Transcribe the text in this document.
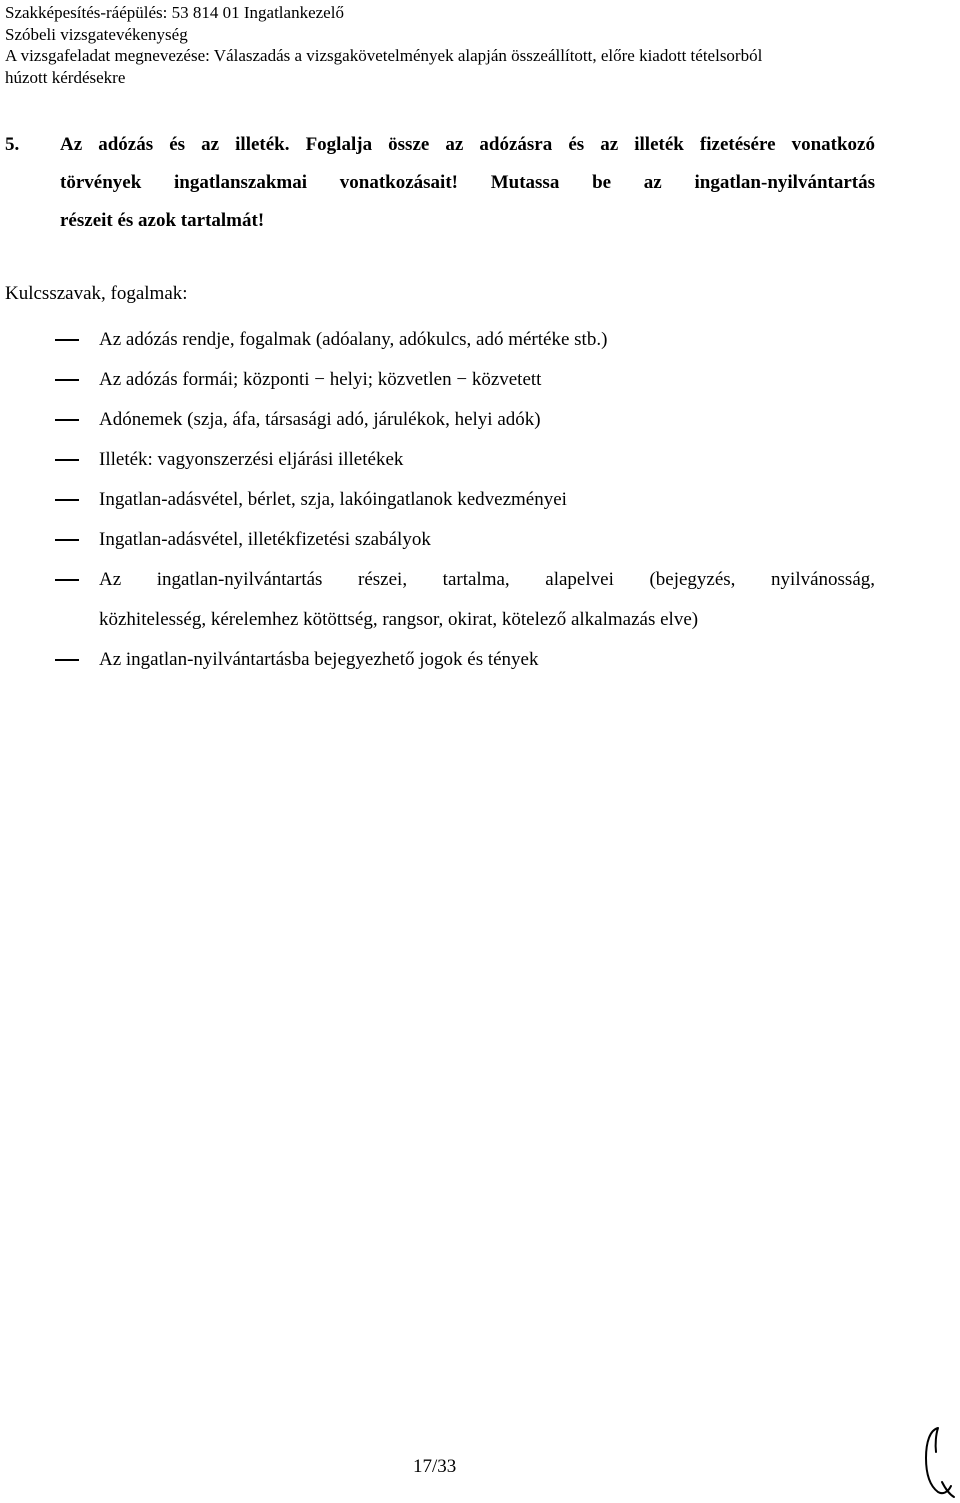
Szakképesítés-ráépülés: 53 814 01 Ingatlankezelő
Szóbeli vizsgatevékenység
A vizsgafeladat megnevezése: Válaszadás a vizsgakövetelmények alapján összeállított, előre kiadott tételsorból
húzott kérdésekre
5. Az adózás és az illeték. Foglalja össze az adózásra és az illeték fizetésére vonatkozó
törvények ingatlanszakmai vonatkozásait! Mutassa be az ingatlan-nyilvántartás
részeit és azok tartalmát!
Kulcsszavak, fogalmak:
Az adózás rendje, fogalmak (adóalany, adókulcs, adó mértéke stb.)
Az adózás formái; központi − helyi; közvetlen − közvetett
Adónemek (szja, áfa, társasági adó, járulékok, helyi adók)
Illeték: vagyonszerzési eljárási illetékek
Ingatlan-adásvétel, bérlet, szja, lakóingatlanok kedvezményei
Ingatlan-adásvétel, illetékfizetési szabályok
Az ingatlan-nyilvántartás részei, tartalma, alapelvei (bejegyzés, nyilvánosság,
közhitelesség, kérelemhez kötöttség, rangsor, okirat, kötelező alkalmazás elve)
Az ingatlan-nyilvántartásba bejegyezhető jogok és tények
17/33
